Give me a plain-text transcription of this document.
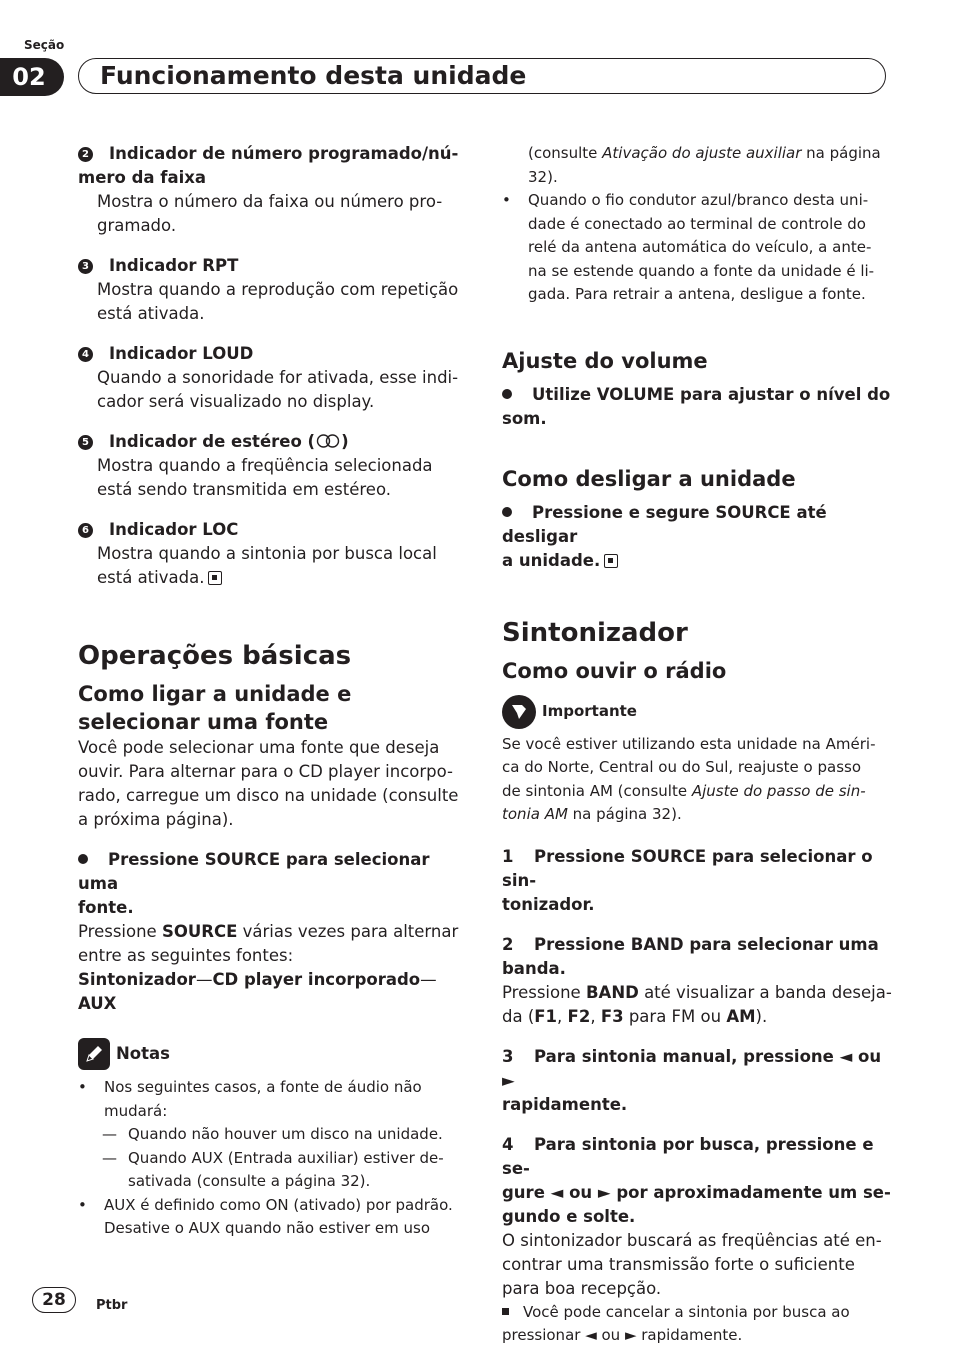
Seção
02	Funcionamento desta unidade

2 Indicador de número programado/nú-

mero da faixa

Mostra o número da faixa ou número pro-

gramado.

3 Indicador RPT

Mostra quando a reprodução com repetição

está ativada.

4 Indicador LOUD

Quando a sonoridade for ativada, esse indi-

cador será visualizado no display.

5 Indicador de estéreo ( )

Mostra quando a freqüência selecionada

está sendo transmitida em estéreo.

6 Indicador LOC

Mostra quando a sintonia por busca local

está ativada.

Operações básicas

Como ligar a unidade e

selecionar uma fonte

Você pode selecionar uma fonte que deseja

ouvir. Para alternar para o CD player incorpo-

rado, carregue um disco na unidade (consulte

a próxima página).

Pressione SOURCE para selecionar uma

fonte.

Pressione SOURCE várias vezes para alternar

entre as seguintes fontes:

Sintonizador—CD player incorporado—

AUX

Notas

• Nos seguintes casos, a fonte de áudio não

mudará:

— Quando não houver um disco na unidade.

— Quando AUX (Entrada auxiliar) estiver de-

sativada (consulte a página 32).

• AUX é definido como ON (ativado) por padrão.

Desative o AUX quando não estiver em uso

(consulte Ativação do ajuste auxiliar na página

32).

• Quando o fio condutor azul/branco desta uni-

dade é conectado ao terminal de controle do

relé da antena automática do veículo, a ante-

na se estende quando a fonte da unidade é li-

gada. Para retrair a antena, desligue a fonte.

Ajuste do volume

Utilize VOLUME para ajustar o nível do

som.

Como desligar a unidade

Pressione e segure SOURCE até desligar

a unidade.

Sintonizador

Como ouvir o rádio

Importante

Se você estiver utilizando esta unidade na Améri-

ca do Norte, Central ou do Sul, reajuste o passo

de sintonia AM (consulte Ajuste do passo de sin-

tonia AM na página 32).

1 Pressione SOURCE para selecionar o sin-

tonizador.

2 Pressione BAND para selecionar uma

banda.

Pressione BAND até visualizar a banda deseja-

da (F1, F2, F3 para FM ou AM).

3 Para sintonia manual, pressione ◄ ou ►

rapidamente.

4 Para sintonia por busca, pressione e se-

gure ◄ ou ► por aproximadamente um se-

gundo e solte.

O sintonizador buscará as freqüências até en-

contrar uma transmissão forte o suficiente

para boa recepção.

Você pode cancelar a sintonia por busca ao

pressionar ◄ ou ► rapidamente.

28	Ptbr
